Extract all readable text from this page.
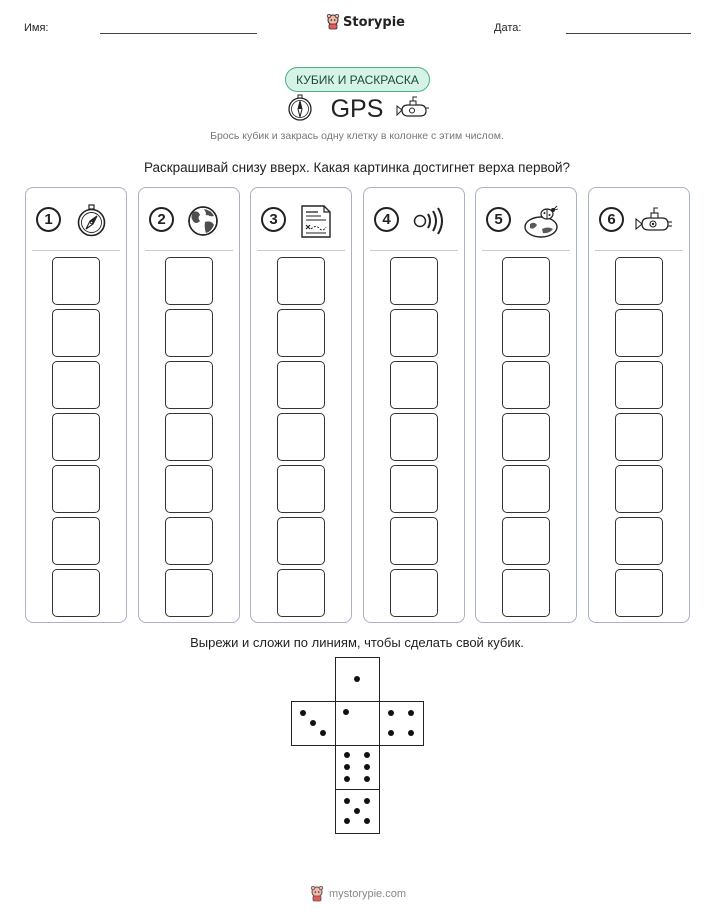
Имя:	Storypie	Дата:
КУБИК И РАСКРАСКА
GPS
Брось кубик и закрась одну клетку в колонке с этим числом.
Раскрашивай снизу вверх. Какая картинка достигнет верха первой?
1	2	3	4	5	6
Вырежи и сложи по линиям, чтобы сделать свой кубик.
mystorypie.com
